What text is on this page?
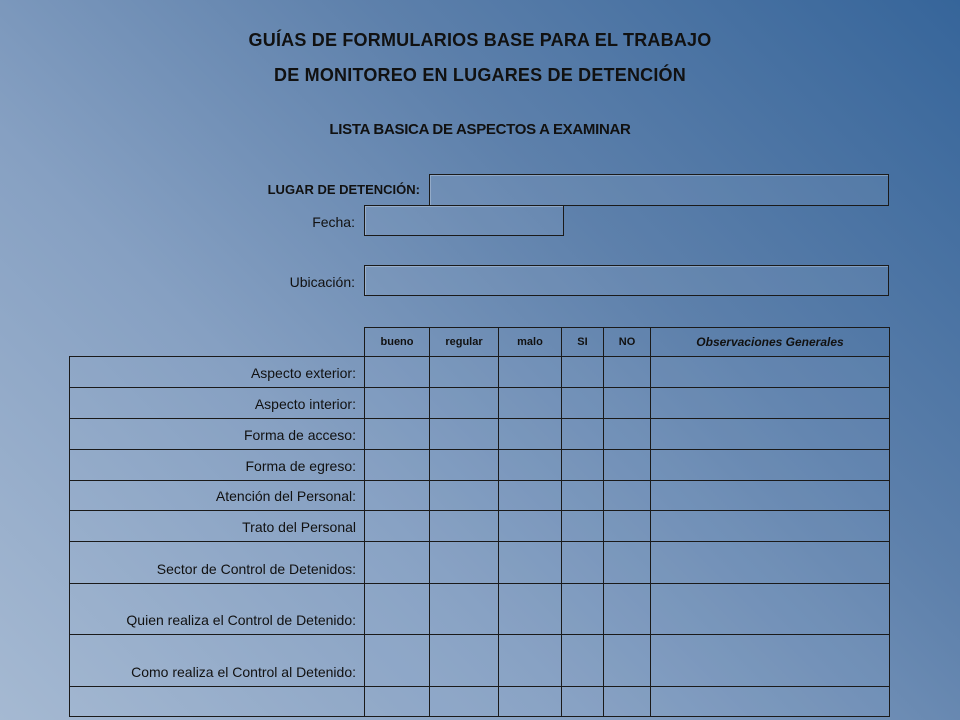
GUÍAS DE FORMULARIOS BASE PARA EL TRABAJO
DE MONITOREO EN LUGARES DE DETENCIÓN
LISTA BASICA DE ASPECTOS A EXAMINAR
LUGAR DE DETENCIÓN:
Fecha:
Ubicación:
	bueno	regular	malo	SI	NO	Observaciones Generales
Aspecto exterior:						
Aspecto interior:						
Forma de acceso:						
Forma de egreso:						
Atención del Personal:						
Trato del Personal						
Sector de Control de Detenidos:						
Quien realiza el Control de Detenido:						
Como realiza el Control al Detenido:						
